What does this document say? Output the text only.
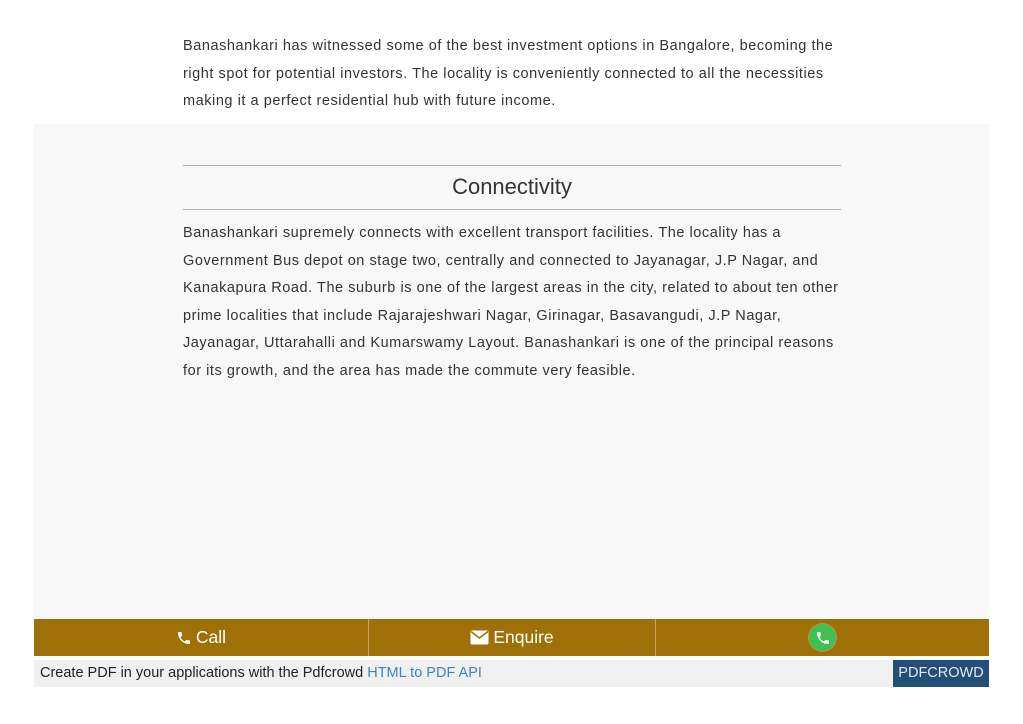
Banashankari has witnessed some of the best investment options in Bangalore, becoming the right spot for potential investors. The locality is conveniently connected to all the necessities making it a perfect residential hub with future income.

Connectivity

Banashankari supremely connects with excellent transport facilities. The locality has a Government Bus depot on stage two, centrally and connected to Jayanagar, J.P Nagar, and Kanakapura Road. The suburb is one of the largest areas in the city, related to about ten other prime localities that include Rajarajeshwari Nagar, Girinagar, Basavangudi, J.P Nagar, Jayanagar, Uttarahalli and Kumarswamy Layout. Banashankari is one of the principal reasons for its growth, and the area has made the commute very feasible.

Call	Enquire
Create PDF in your applications with the Pdfcrowd HTML to PDF API	PDFCROWD
